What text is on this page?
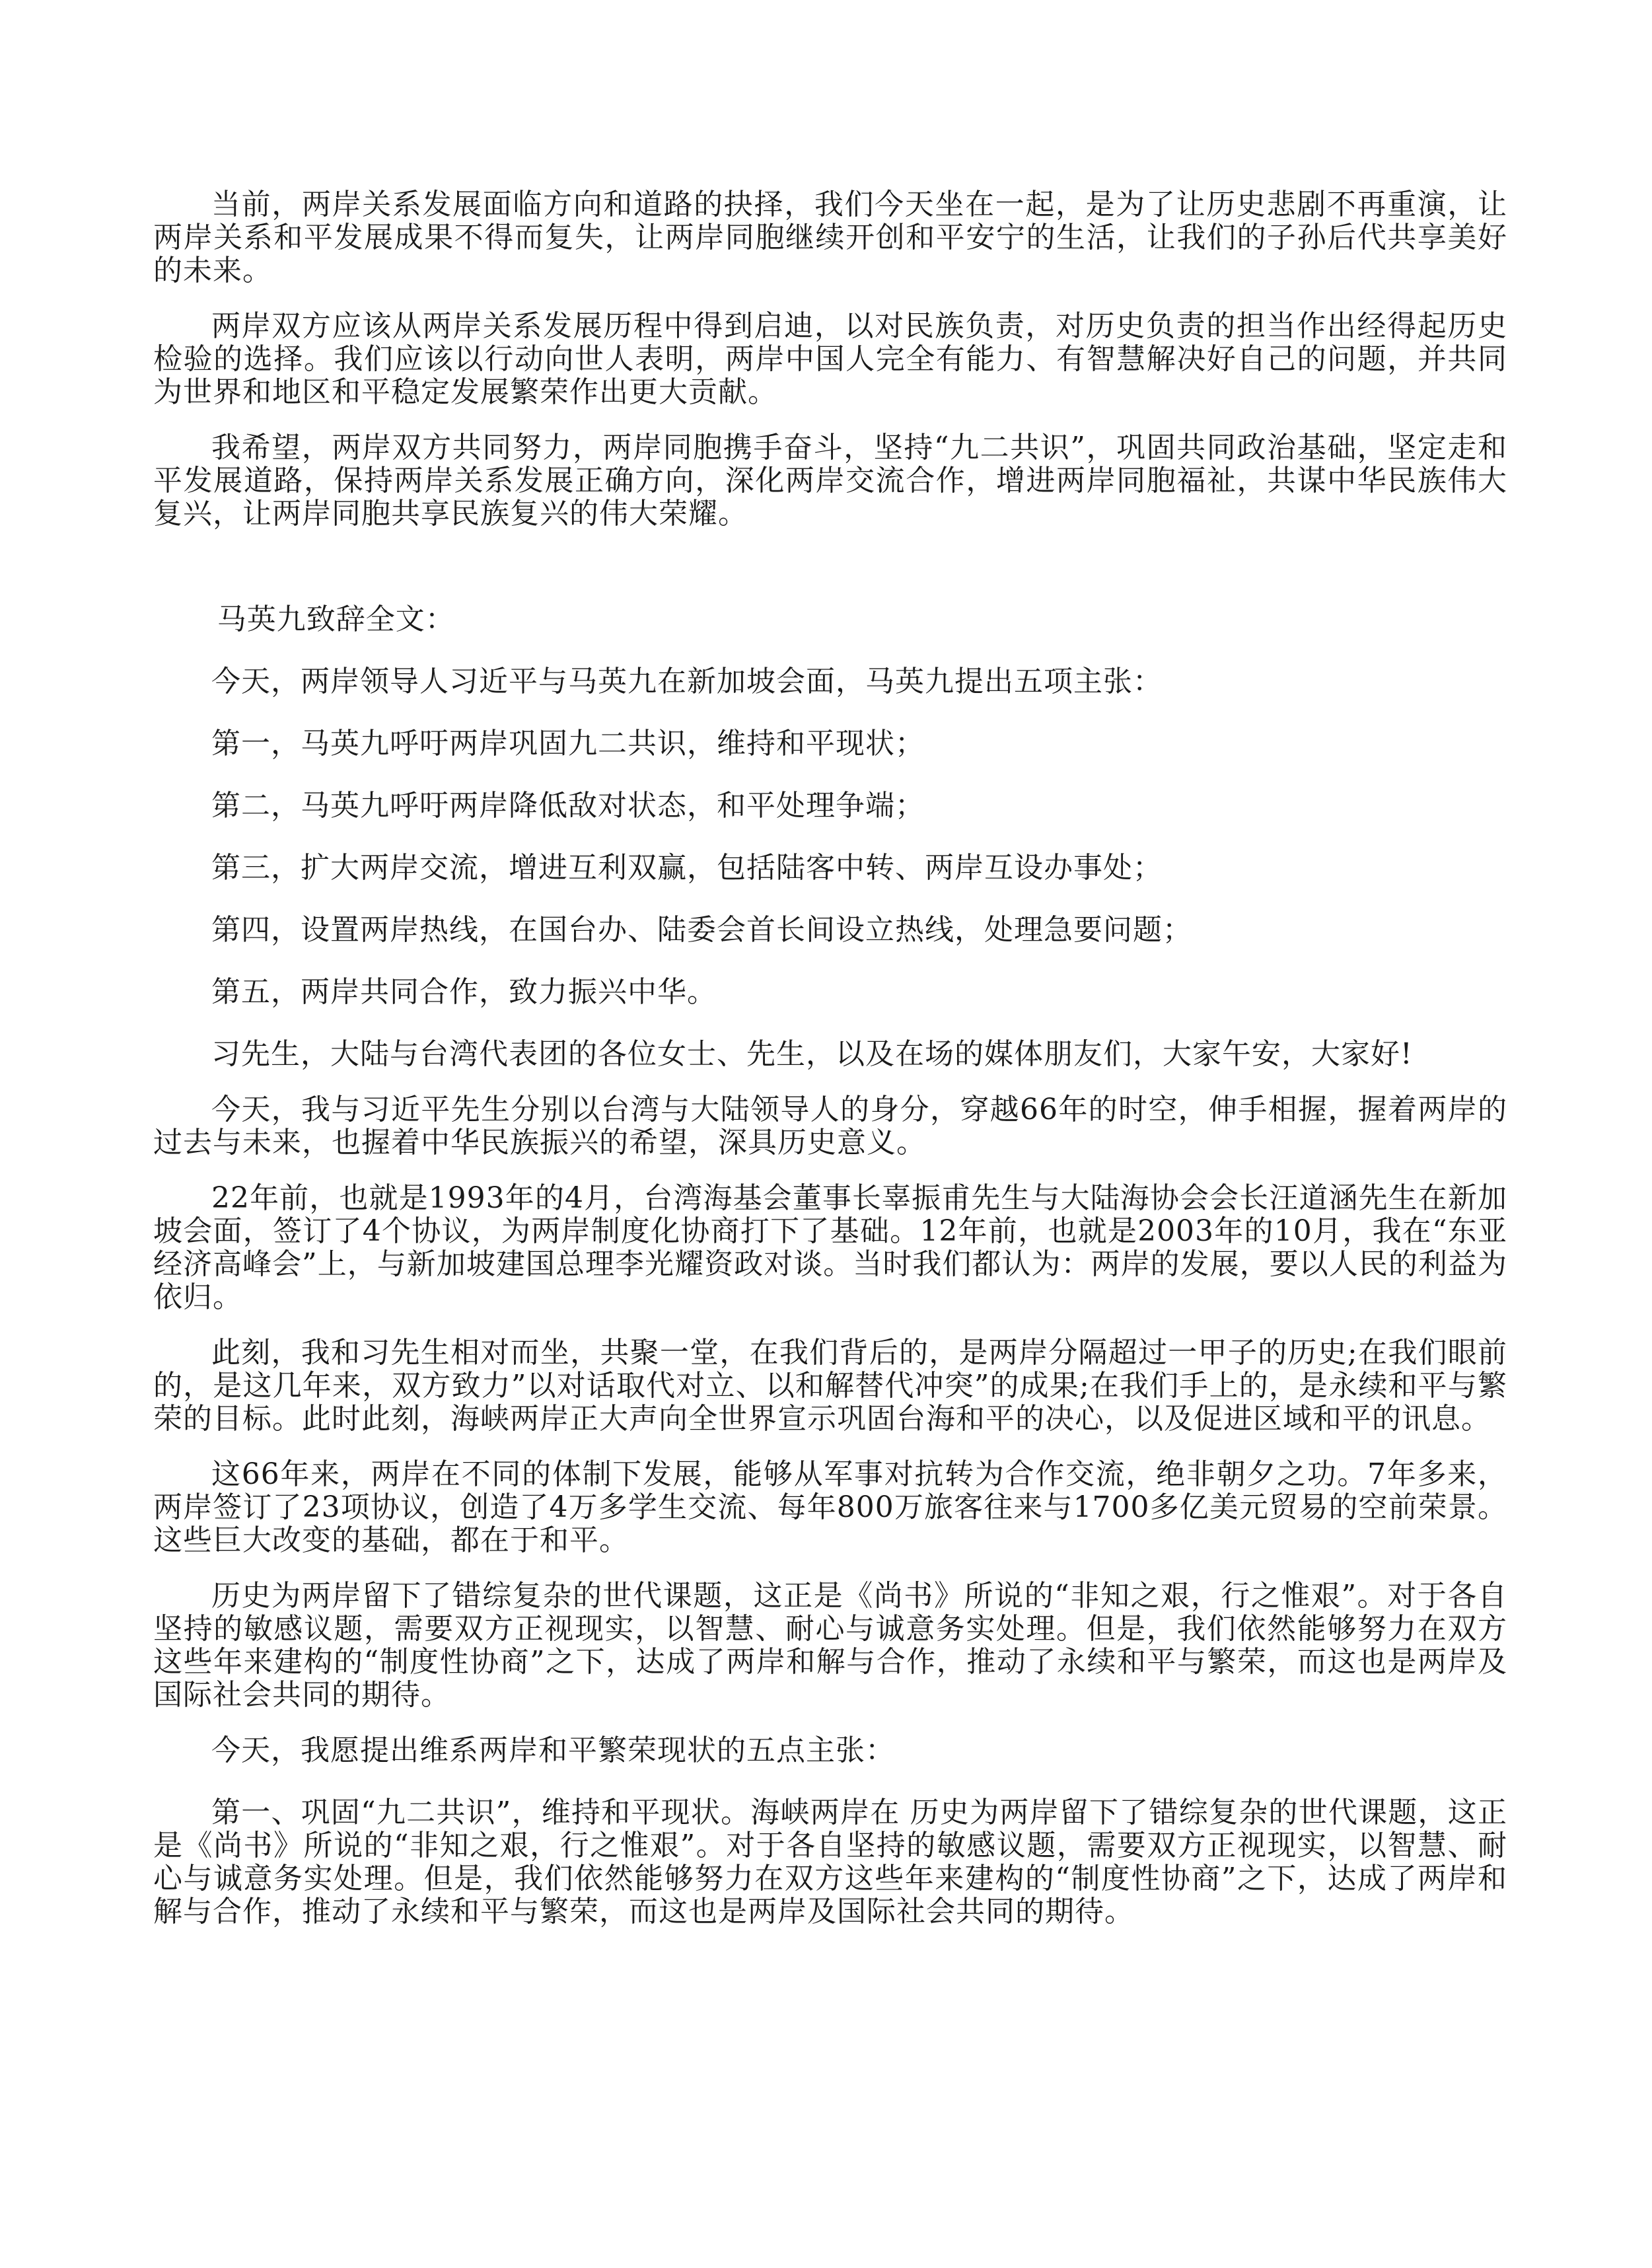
当前，两岸关系发展面临方向和道路的抉择，我们今天坐在一起，是为了让历史悲剧不再重演，让两岸关系和平发展成果不得而复失，让两岸同胞继续开创和平安宁的生活，让我们的子孙后代共享美好的未来。

两岸双方应该从两岸关系发展历程中得到启迪，以对民族负责，对历史负责的担当作出经得起历史检验的选择。我们应该以行动向世人表明，两岸中国人完全有能力、有智慧解决好自己的问题，并共同为世界和地区和平稳定发展繁荣作出更大贡献。

我希望，两岸双方共同努力，两岸同胞携手奋斗，坚持“九二共识”，巩固共同政治基础，坚定走和平发展道路，保持两岸关系发展正确方向，深化两岸交流合作，增进两岸同胞福祉，共谋中华民族伟大复兴，让两岸同胞共享民族复兴的伟大荣耀。

马英九致辞全文：

今天，两岸领导人习近平与马英九在新加坡会面，马英九提出五项主张：

第一，马英九呼吁两岸巩固九二共识，维持和平现状；

第二，马英九呼吁两岸降低敌对状态，和平处理争端；

第三，扩大两岸交流，增进互利双赢，包括陆客中转、两岸互设办事处；

第四，设置两岸热线，在国台办、陆委会首长间设立热线，处理急要问题；

第五，两岸共同合作，致力振兴中华。

习先生，大陆与台湾代表团的各位女士、先生，以及在场的媒体朋友们，大家午安，大家好!

今天，我与习近平先生分别以台湾与大陆领导人的身分，穿越66年的时空，伸手相握，握着两岸的过去与未来，也握着中华民族振兴的希望，深具历史意义。

22年前，也就是1993年的4月，台湾海基会董事长辜振甫先生与大陆海协会会长汪道涵先生在新加坡会面，签订了4个协议，为两岸制度化协商打下了基础。12年前，也就是2003年的10月，我在“东亚经济高峰会”上，与新加坡建国总理李光耀资政对谈。当时我们都认为：两岸的发展，要以人民的利益为依归。

此刻，我和习先生相对而坐，共聚一堂，在我们背后的，是两岸分隔超过一甲子的历史;在我们眼前的，是这几年来，双方致力”以对话取代对立、以和解替代冲突”的成果;在我们手上的，是永续和平与繁荣的目标。此时此刻，海峡两岸正大声向全世界宣示巩固台海和平的决心，以及促进区域和平的讯息。

这66年来，两岸在不同的体制下发展，能够从军事对抗转为合作交流，绝非朝夕之功。7年多来，两岸签订了23项协议，创造了4万多学生交流、每年800万旅客往来与1700多亿美元贸易的空前荣景。这些巨大改变的基础，都在于和平。

历史为两岸留下了错综复杂的世代课题，这正是《尚书》所说的“非知之艰，行之惟艰”。对于各自坚持的敏感议题，需要双方正视现实，以智慧、耐心与诚意务实处理。但是，我们依然能够努力在双方这些年来建构的“制度性协商”之下，达成了两岸和解与合作，推动了永续和平与繁荣，而这也是两岸及国际社会共同的期待。

今天，我愿提出维系两岸和平繁荣现状的五点主张：

第一、巩固“九二共识”，维持和平现状。海峡两岸在 历史为两岸留下了错综复杂的世代课题，这正是《尚书》所说的“非知之艰，行之惟艰”。对于各自坚持的敏感议题，需要双方正视现实，以智慧、耐心与诚意务实处理。但是，我们依然能够努力在双方这些年来建构的“制度性协商”之下，达成了两岸和解与合作，推动了永续和平与繁荣，而这也是两岸及国际社会共同的期待。
